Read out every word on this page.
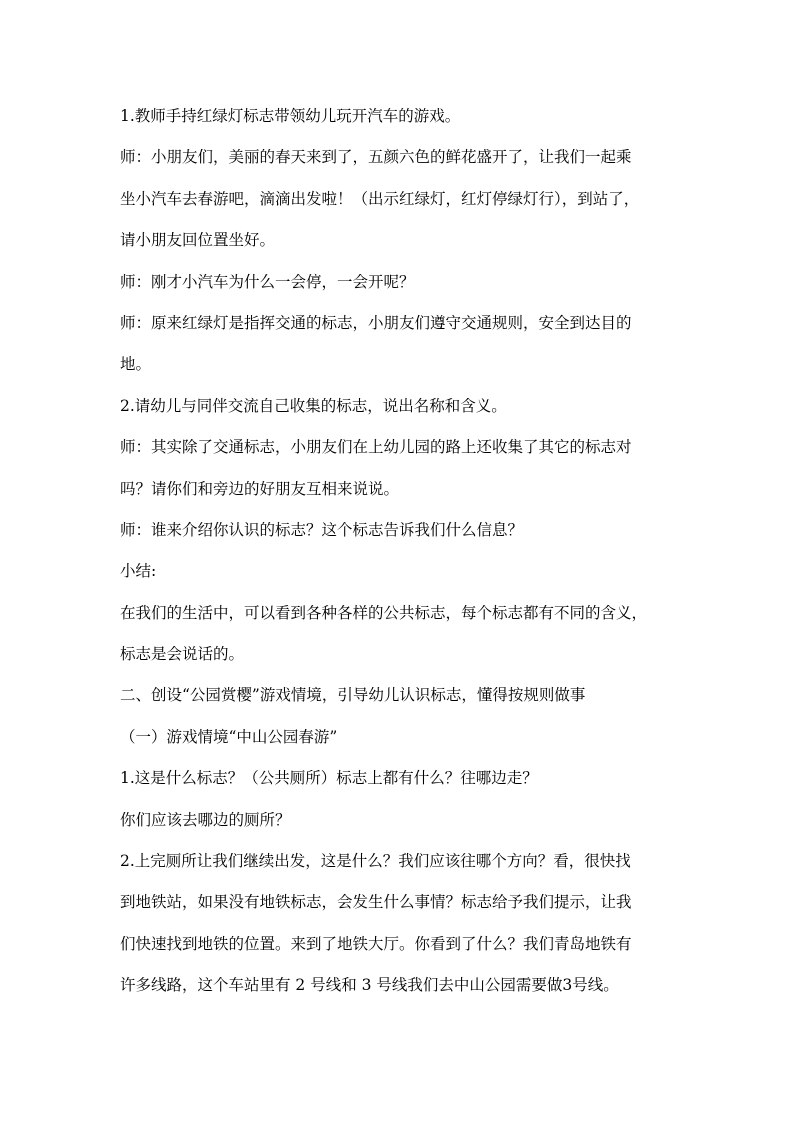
1.教师手持红绿灯标志带领幼儿玩开汽车的游戏。
师：小朋友们，美丽的春天来到了，五颜六色的鲜花盛开了，让我们一起乘
坐小汽车去春游吧，滴滴出发啦！（出示红绿灯，红灯停绿灯行），到站了，
请小朋友回位置坐好。
师：刚才小汽车为什么一会停，一会开呢？
师：原来红绿灯是指挥交通的标志，小朋友们遵守交通规则，安全到达目的
地。
2.请幼儿与同伴交流自己收集的标志，说出名称和含义。
师：其实除了交通标志，小朋友们在上幼儿园的路上还收集了其它的标志对
吗？请你们和旁边的好朋友互相来说说。
师：谁来介绍你认识的标志？这个标志告诉我们什么信息？
小结:
在我们的生活中，可以看到各种各样的公共标志，每个标志都有不同的含义，
标志是会说话的。
二、创设“公园赏樱”游戏情境，引导幼儿认识标志，懂得按规则做事
（一）游戏情境“中山公园春游”
1.这是什么标志？（公共厕所）标志上都有什么？往哪边走？
你们应该去哪边的厕所？
2.上完厕所让我们继续出发，这是什么？我们应该往哪个方向？看，很快找
到地铁站，如果没有地铁标志，会发生什么事情？标志给予我们提示，让我
们快速找到地铁的位置。来到了地铁大厅。你看到了什么？我们青岛地铁有
许多线路，这个车站里有 2 号线和 3 号线我们去中山公园需要做3号线。
